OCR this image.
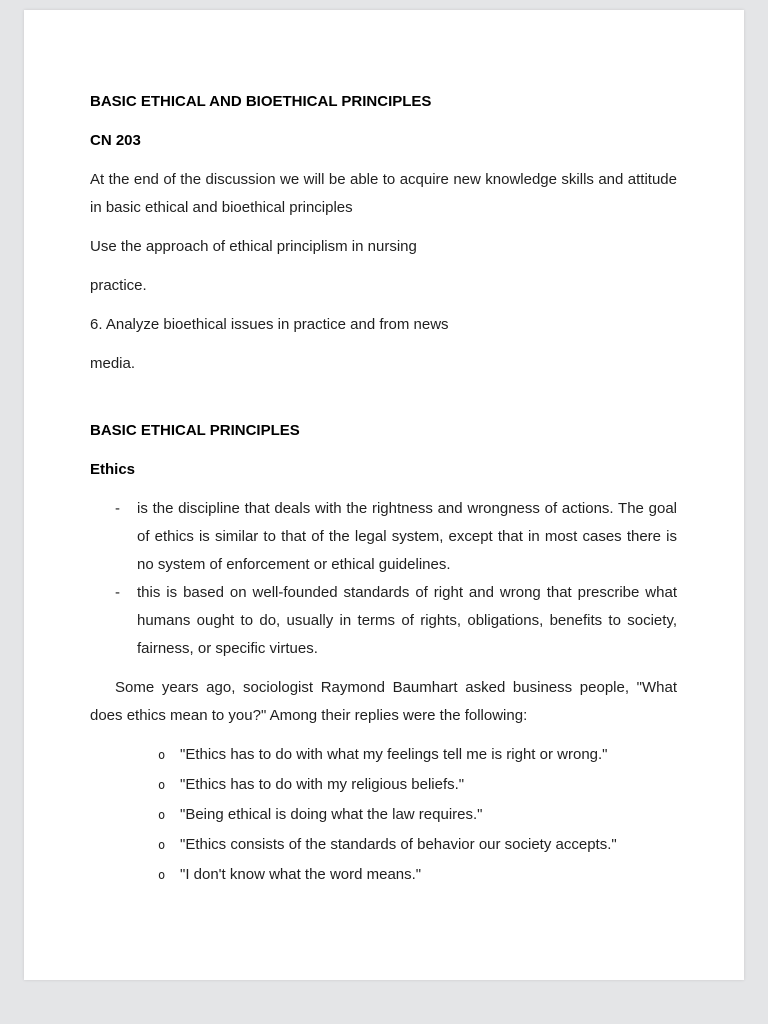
BASIC ETHICAL AND BIOETHICAL PRINCIPLES
CN 203
At the end of the discussion we will be able to acquire new knowledge skills and attitude in basic ethical and bioethical principles
Use the approach of ethical principlism in nursing
practice.
6. Analyze bioethical issues in practice and from news
media.
BASIC ETHICAL PRINCIPLES
Ethics
- is the discipline that deals with the rightness and wrongness of actions. The goal of ethics is similar to that of the legal system, except that in most cases there is no system of enforcement or ethical guidelines.
- this is based on well-founded standards of right and wrong that prescribe what humans ought to do, usually in terms of rights, obligations, benefits to society, fairness, or specific virtues.
Some years ago, sociologist Raymond Baumhart asked business people, "What does ethics mean to you?" Among their replies were the following:
o "Ethics has to do with what my feelings tell me is right or wrong."
o "Ethics has to do with my religious beliefs."
o "Being ethical is doing what the law requires."
o "Ethics consists of the standards of behavior our society accepts."
o "I don't know what the word means."
